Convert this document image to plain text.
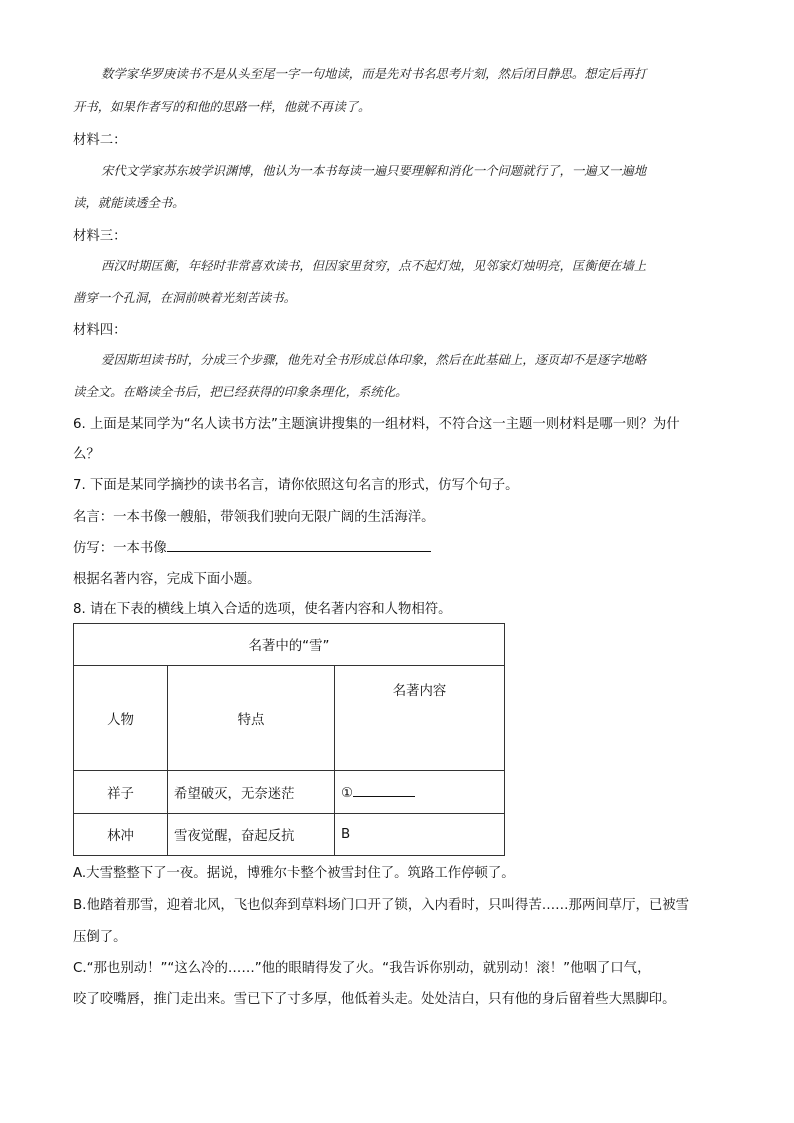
数学家华罗庚读书不是从头至尾一字一句地读，而是先对书名思考片刻，然后闭目静思。想定后再打
开书，如果作者写的和他的思路一样，他就不再读了。
材料二：
宋代文学家苏东坡学识渊博，他认为一本书每读一遍只要理解和消化一个问题就行了，一遍又一遍地
读，就能读透全书。
材料三：
西汉时期匡衡，年轻时非常喜欢读书，但因家里贫穷，点不起灯烛，见邻家灯烛明亮，匡衡便在墙上
凿穿一个孔洞，在洞前映着光刻苦读书。
材料四：
爱因斯坦读书时，分成三个步骤，他先对全书形成总体印象，然后在此基础上，逐页却不是逐字地略
读全文。在略读全书后，把已经获得的印象条理化，系统化。
6. 上面是某同学为“名人读书方法”主题演讲搜集的一组材料，不符合这一主题一则材料是哪一则？为什
么？
7. 下面是某同学摘抄的读书名言，请你依照这句名言的形式，仿写个句子。
名言：一本书像一艘船，带领我们驶向无限广阔的生活海洋。
仿写：一本书像
根据名著内容，完成下面小题。
8. 请在下表的横线上填入合适的选项，使名著内容和人物相符。
名著中的“雪”		
人物	特点	名著内容
祥子	希望破灭，无奈迷茫	①
林冲	雪夜觉醒，奋起反抗	B
A.大雪整整下了一夜。据说，博雅尔卡整个被雪封住了。筑路工作停顿了。
B.他踏着那雪，迎着北风，飞也似奔到草料场门口开了锁，入内看时，只叫得苦……那两间草厅，已被雪
压倒了。
C.“那也别动！”“这么冷的……”他的眼睛得发了火。“我告诉你别动，就别动！滚！”他咽了口气，
咬了咬嘴唇，推门走出来。雪已下了寸多厚，他低着头走。处处洁白，只有他的身后留着些大黑脚印。
